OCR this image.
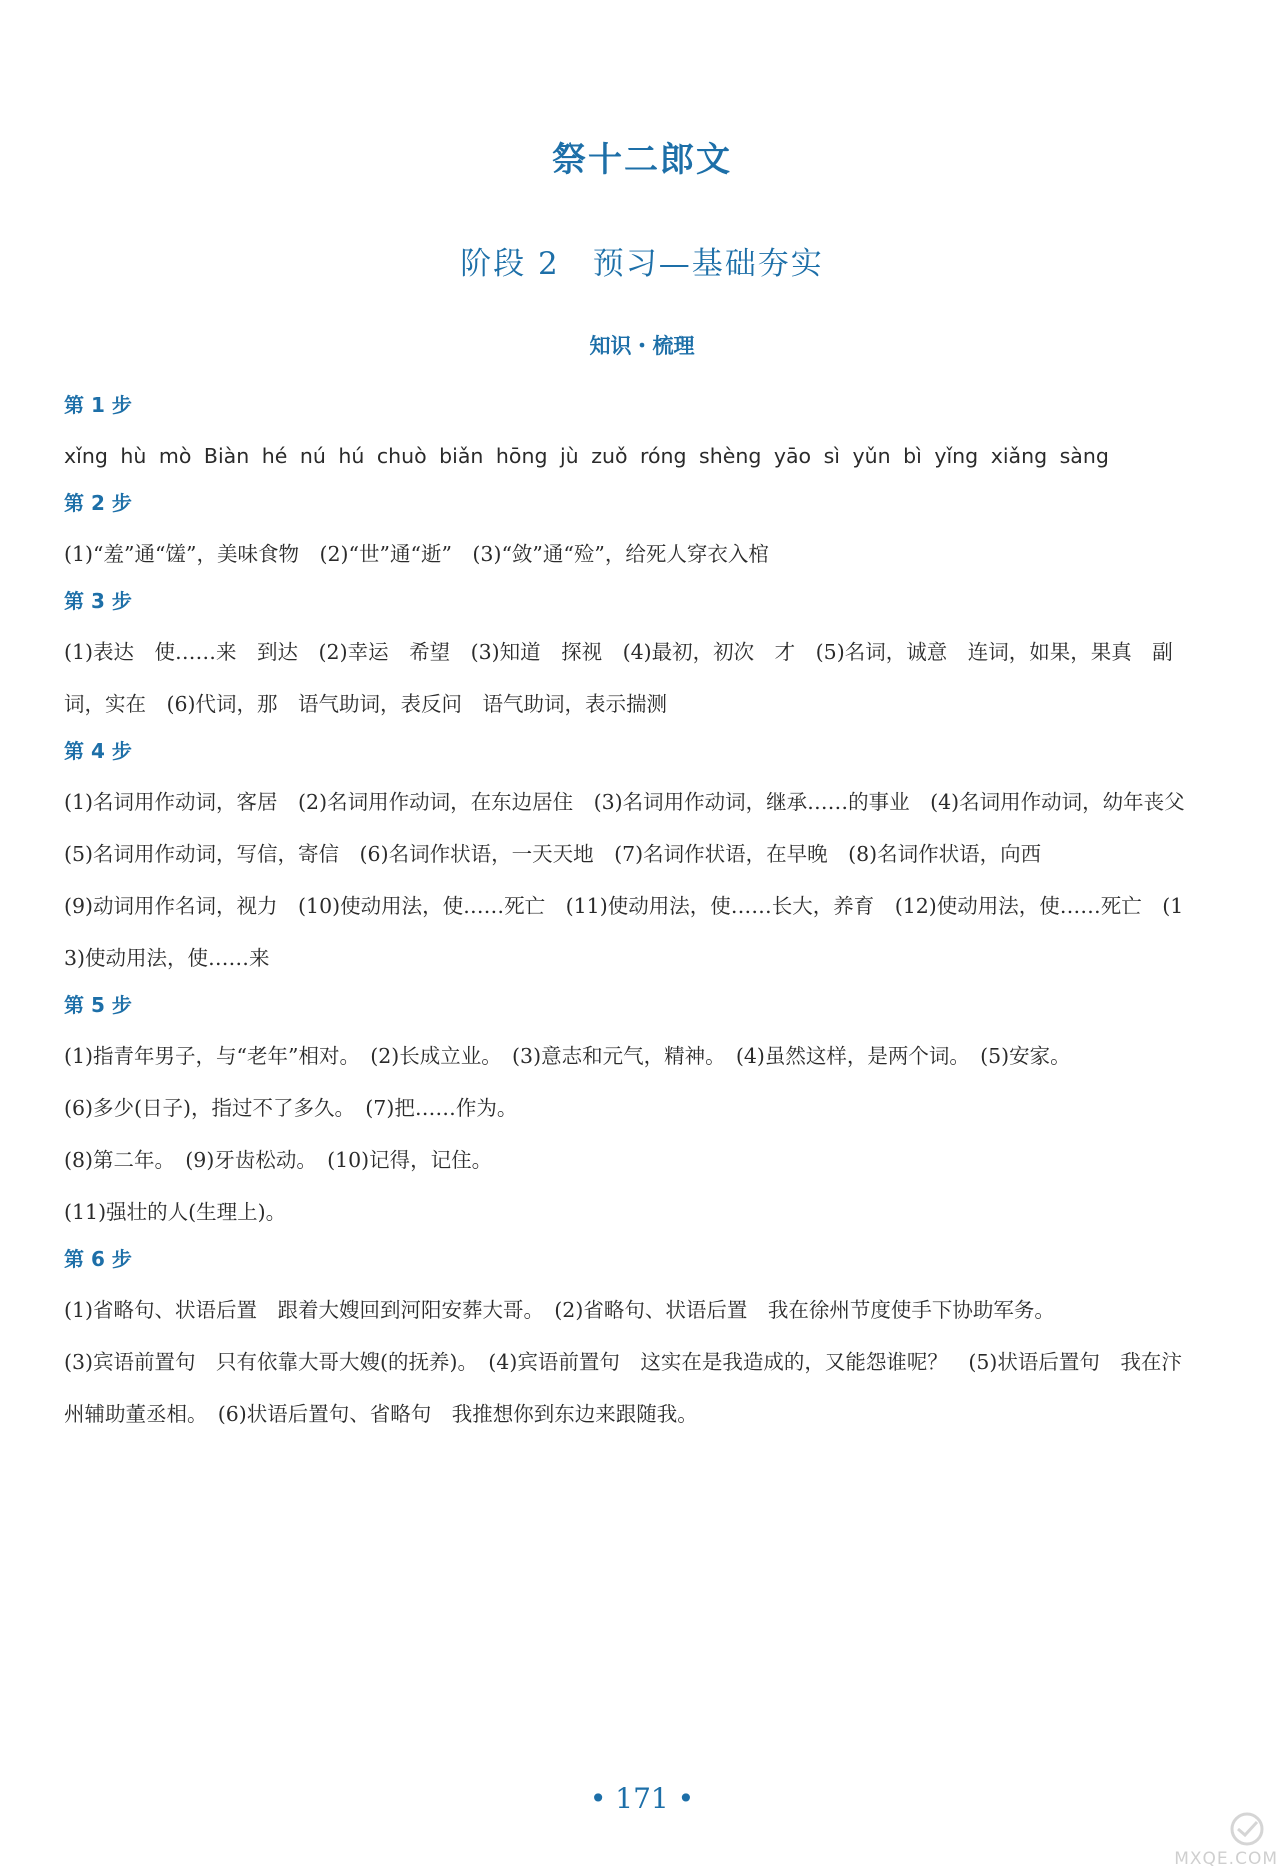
祭十二郎文
阶段 2　预习—基础夯实
知识・梳理
第 1 步
xǐng hù mò Biàn hé nú hú chuò biǎn hōng jù zuǒ róng shèng yāo sì yǔn bì yǐng xiǎng sàng
第 2 步
(1)“羞”通“馐”，美味食物　(2)“世”通“逝”　(3)“敛”通“殓”，给死人穿衣入棺
第 3 步
(1)表达　使……来　到达　(2)幸运　希望　(3)知道　探视　(4)最初，初次　才　(5)名词，诚意　连词，如果，果真　副词，实在　(6)代词，那　语气助词，表反问　语气助词，表示揣测
第 4 步
(1)名词用作动词，客居　(2)名词用作动词，在东边居住　(3)名词用作动词，继承……的事业　(4)名词用作动词，幼年丧父　(5)名词用作动词，写信，寄信　(6)名词作状语，一天天地　(7)名词作状语，在早晚　(8)名词作状语，向西
(9)动词用作名词，视力　(10)使动用法，使……死亡　(11)使动用法，使……长大，养育　(12)使动用法，使……死亡　(13)使动用法，使……来
第 5 步
(1)指青年男子，与“老年”相对。　(2)长成立业。　(3)意志和元气，精神。　(4)虽然这样，是两个词。　(5)安家。
(6)多少(日子)，指过不了多久。　(7)把……作为。
(8)第二年。　(9)牙齿松动。　(10)记得，记住。
(11)强壮的人(生理上)。
第 6 步
(1)省略句、状语后置　跟着大嫂回到河阳安葬大哥。　(2)省略句、状语后置　我在徐州节度使手下协助军务。
(3)宾语前置句　只有依靠大哥大嫂(的抚养)。　(4)宾语前置句　这实在是我造成的，又能怨谁呢？　(5)状语后置句　我在汴州辅助董丞相。　(6)状语后置句、省略句　我推想你到东边来跟随我。
• 171 •
MXQE.COM
